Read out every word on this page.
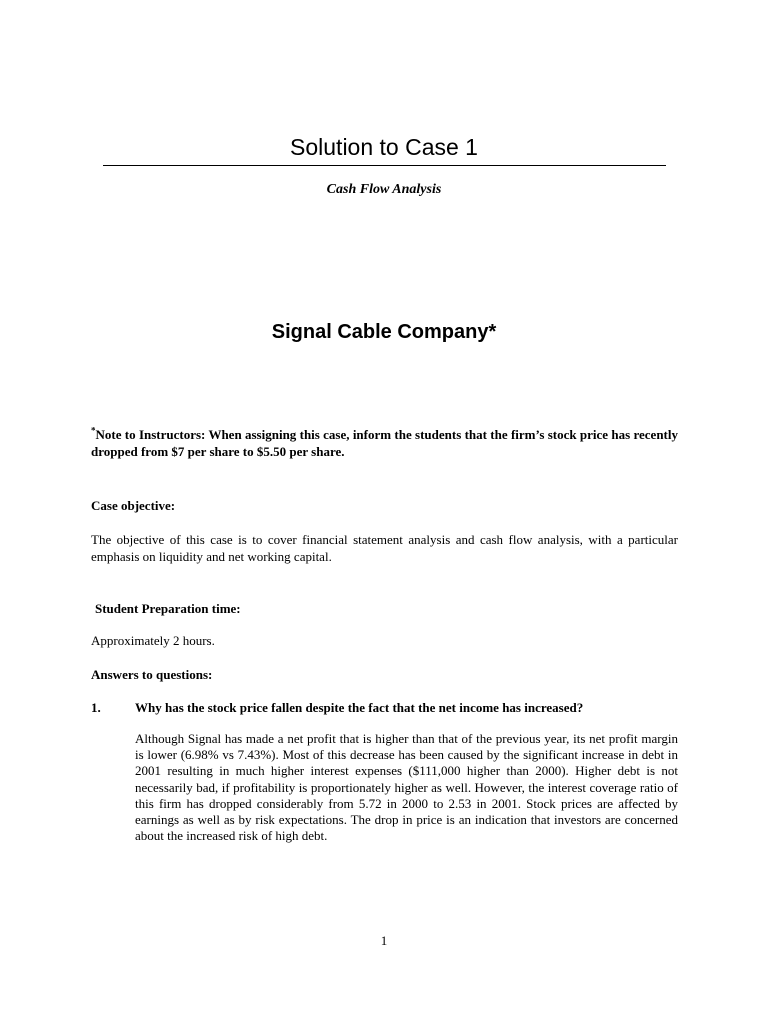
Solution to Case 1
Cash Flow Analysis
Signal Cable Company*

*Note to Instructors: When assigning this case, inform the students that the firm’s stock price has recently dropped from $7 per share to $5.50 per share.

Case objective:

The objective of this case is to cover financial statement analysis and cash flow analysis, with a particular emphasis on liquidity and net working capital.

Student Preparation time:

Approximately 2 hours.

Answers to questions:

1.	Why has the stock price fallen despite the fact that the net income has increased?

Although Signal has made a net profit that is higher than that of the previous year, its net profit margin is lower (6.98% vs 7.43%). Most of this decrease has been caused by the significant increase in debt in 2001 resulting in much higher interest expenses ($111,000 higher than 2000). Higher debt is not necessarily bad, if profitability is proportionately higher as well. However, the interest coverage ratio of this firm has dropped considerably from 5.72 in 2000 to 2.53 in 2001. Stock prices are affected by earnings as well as by risk expectations. The drop in price is an indication that investors are concerned about the increased risk of high debt.

1
